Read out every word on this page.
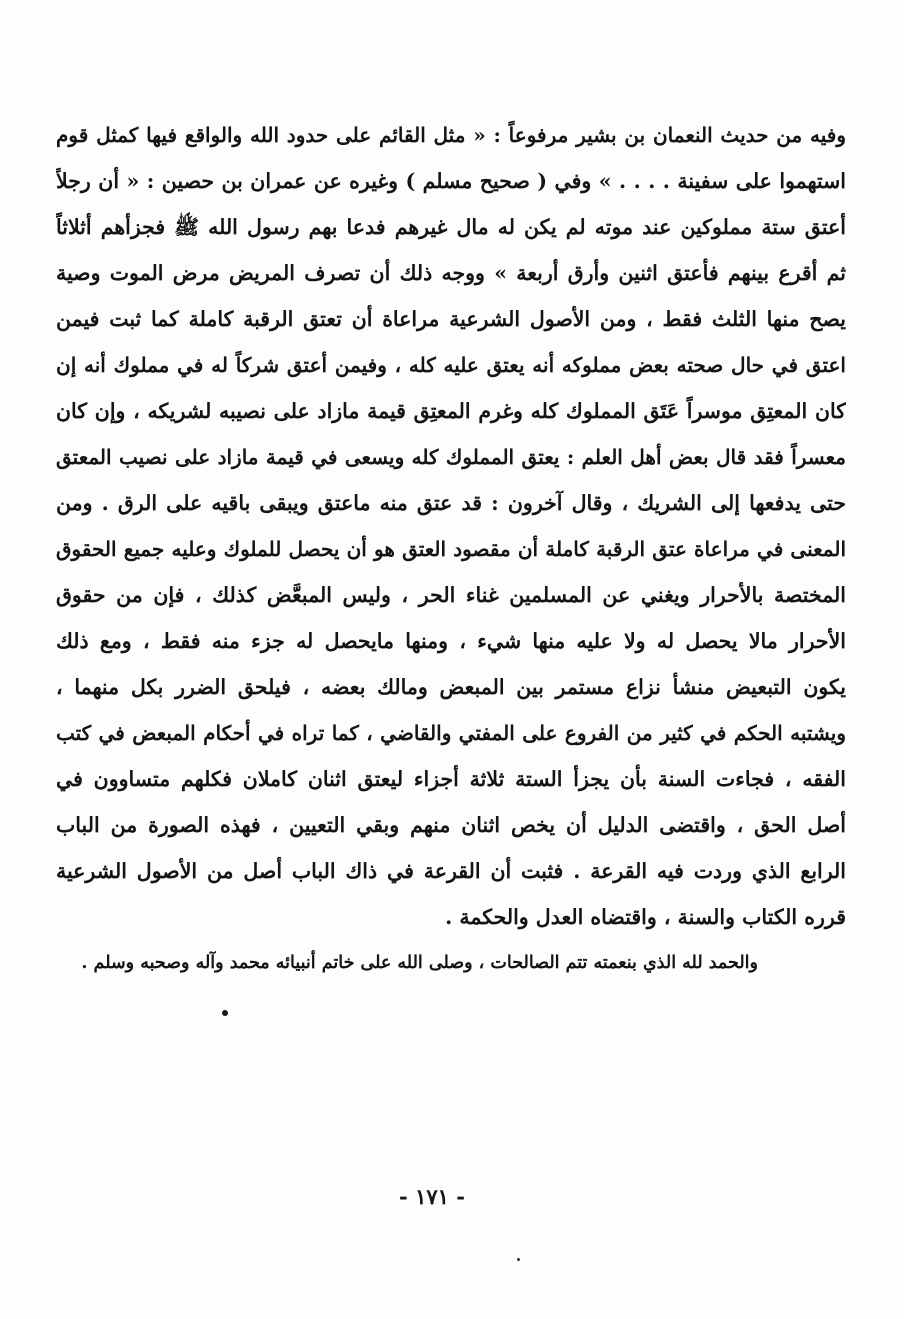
وفيه من حديث النعمان بن بشير مرفوعاً : « مثل القائم على حدود الله والواقع فيها كمثل قوم
استهموا على سفينة . . . . » وفي ( صحيح مسلم ) وغيره عن عمران بن حصين : « أن رجلاً
أعتق ستة مملوكين عند موته لم يكن له مال غيرهم فدعا بهم رسول الله ﷺ فجزأهم أثلاثاً
ثم أقرع بينهم فأعتق اثنين وأرق أربعة » ووجه ذلك أن تصرف المريض مرض الموت وصية
يصح منها الثلث فقط ، ومن الأصول الشرعية مراعاة أن تعتق الرقبة كاملة كما ثبت فيمن
اعتق في حال صحته بعض مملوكه أنه يعتق عليه كله ، وفيمن أعتق شركاً له في مملوك أنه إن
كان المعتِق موسراً عَتَق المملوك كله وغرم المعتِق قيمة مازاد على نصيبه لشريكه ، وإن كان
معسراً فقد قال بعض أهل العلم : يعتق المملوك كله ويسعى في قيمة مازاد على نصيب المعتق
حتى يدفعها إلى الشريك ، وقال آخرون : قد عتق منه ماعتق ويبقى باقيه على الرق . ومن
المعنى في مراعاة عتق الرقبة كاملة أن مقصود العتق هو أن يحصل للملوك وعليه جميع الحقوق
المختصة بالأحرار ويغني عن المسلمين غناء الحر ، وليس المبعَّض كذلك ، فإن من حقوق
الأحرار مالا يحصل له ولا عليه منها شيء ، ومنها مايحصل له جزء منه فقط ، ومع ذلك
يكون التبعيض منشأ نزاع مستمر بين المبعض ومالك بعضه ، فيلحق الضرر بكل منهما ،
ويشتبه الحكم في كثير من الفروع على المفتي والقاضي ، كما تراه في أحكام المبعض في كتب
الفقه ، فجاءت السنة بأن يجزأ الستة ثلاثة أجزاء ليعتق اثنان كاملان فكلهم متساوون في
أصل الحق ، واقتضى الدليل أن يخص اثنان منهم وبقي التعيين ، فهذه الصورة من الباب
الرابع الذي وردت فيه القرعة . فثبت أن القرعة في ذاك الباب أصل من الأصول الشرعية
قرره الكتاب والسنة ، واقتضاه العدل والحكمة .
والحمد لله الذي بنعمته تتم الصالحات ، وصلى الله على خاتم أنبيائه محمد وآله وصحبه وسلم .
- ١٧١ -
